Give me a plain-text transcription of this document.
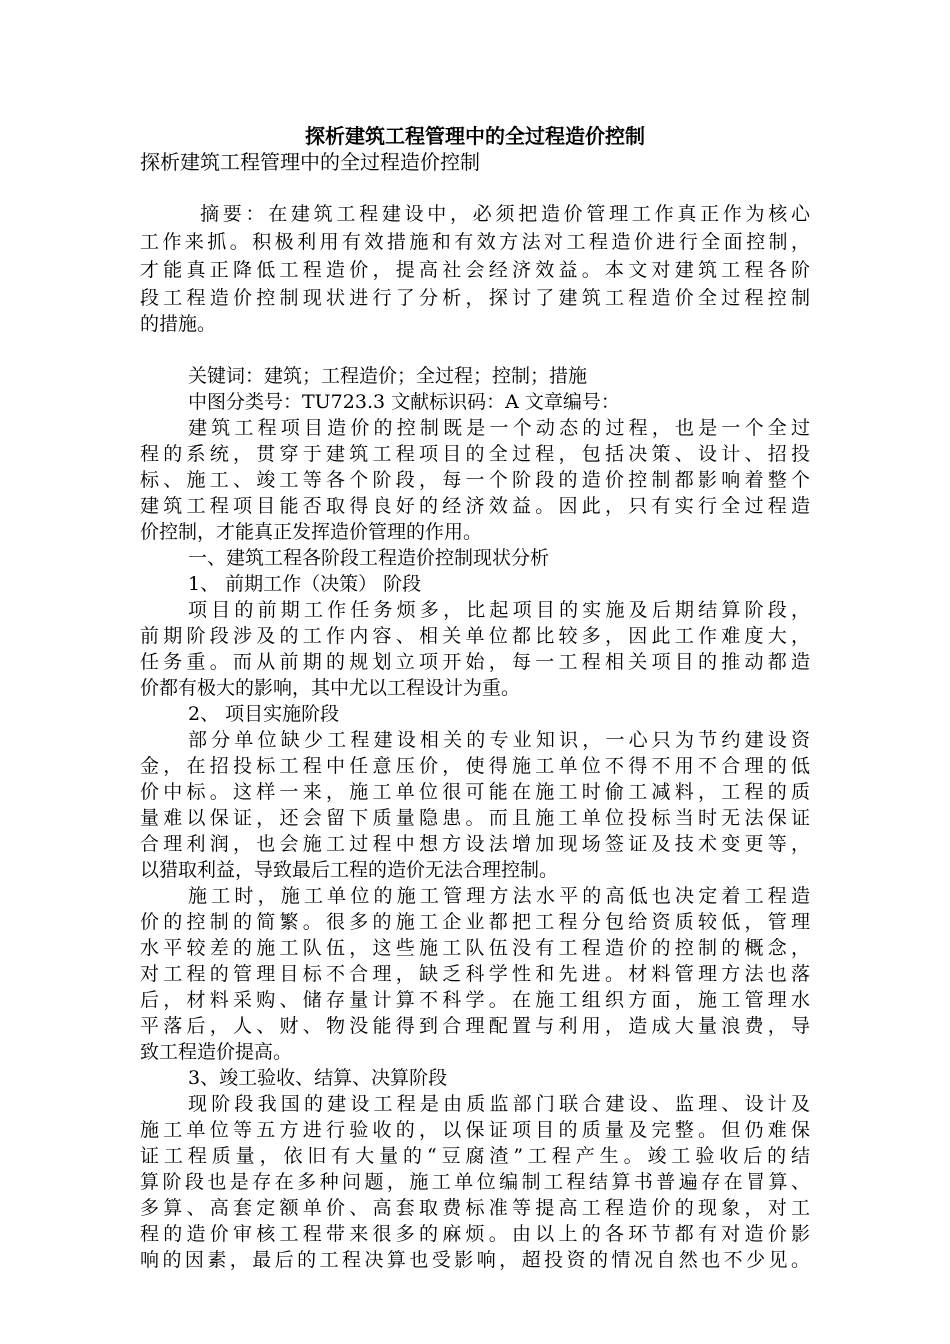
探析建筑工程管理中的全过程造价控制
探析建筑工程管理中的全过程造价控制
摘要：在建筑工程建设中，必须把造价管理工作真正作为核心
工作来抓。积极利用有效措施和有效方法对工程造价进行全面控制，
才能真正降低工程造价，提高社会经济效益。本文对建筑工程各阶
段工程造价控制现状进行了分析，探讨了建筑工程造价全过程控制
的措施。
关键词：建筑；工程造价；全过程；控制；措施
中图分类号：TU723.3 文献标识码：A 文章编号：
建筑工程项目造价的控制既是一个动态的过程，也是一个全过
程的系统，贯穿于建筑工程项目的全过程，包括决策、设计、招投
标、施工、竣工等各个阶段，每一个阶段的造价控制都影响着整个
建筑工程项目能否取得良好的经济效益。因此，只有实行全过程造
价控制，才能真正发挥造价管理的作用。
一、建筑工程各阶段工程造价控制现状分析
1、 前期工作（决策） 阶段
项目的前期工作任务烦多，比起项目的实施及后期结算阶段，
前期阶段涉及的工作内容、相关单位都比较多，因此工作难度大，
任务重。而从前期的规划立项开始，每一工程相关项目的推动都造
价都有极大的影响，其中尤以工程设计为重。
2、 项目实施阶段
部分单位缺少工程建设相关的专业知识，一心只为节约建设资
金，在招投标工程中任意压价，使得施工单位不得不用不合理的低
价中标。这样一来，施工单位很可能在施工时偷工减料，工程的质
量难以保证，还会留下质量隐患。而且施工单位投标当时无法保证
合理利润，也会施工过程中想方设法增加现场签证及技术变更等，
以猎取利益，导致最后工程的造价无法合理控制。
施工时，施工单位的施工管理方法水平的高低也决定着工程造
价的控制的简繁。很多的施工企业都把工程分包给资质较低，管理
水平较差的施工队伍，这些施工队伍没有工程造价的控制的概念，
对工程的管理目标不合理，缺乏科学性和先进。材料管理方法也落
后，材料采购、储存量计算不科学。在施工组织方面，施工管理水
平落后，人、财、物没能得到合理配置与利用，造成大量浪费，导
致工程造价提高。
3、竣工验收、结算、决算阶段
现阶段我国的建设工程是由质监部门联合建设、监理、设计及
施工单位等五方进行验收的，以保证项目的质量及完整。但仍难保
证工程质量，依旧有大量的“豆腐渣”工程产生。竣工验收后的结
算阶段也是存在多种问题，施工单位编制工程结算书普遍存在冒算、
多算、高套定额单价、高套取费标准等提高工程造价的现象，对工
程的造价审核工程带来很多的麻烦。由以上的各环节都有对造价影
响的因素，最后的工程决算也受影响，超投资的情况自然也不少见。
